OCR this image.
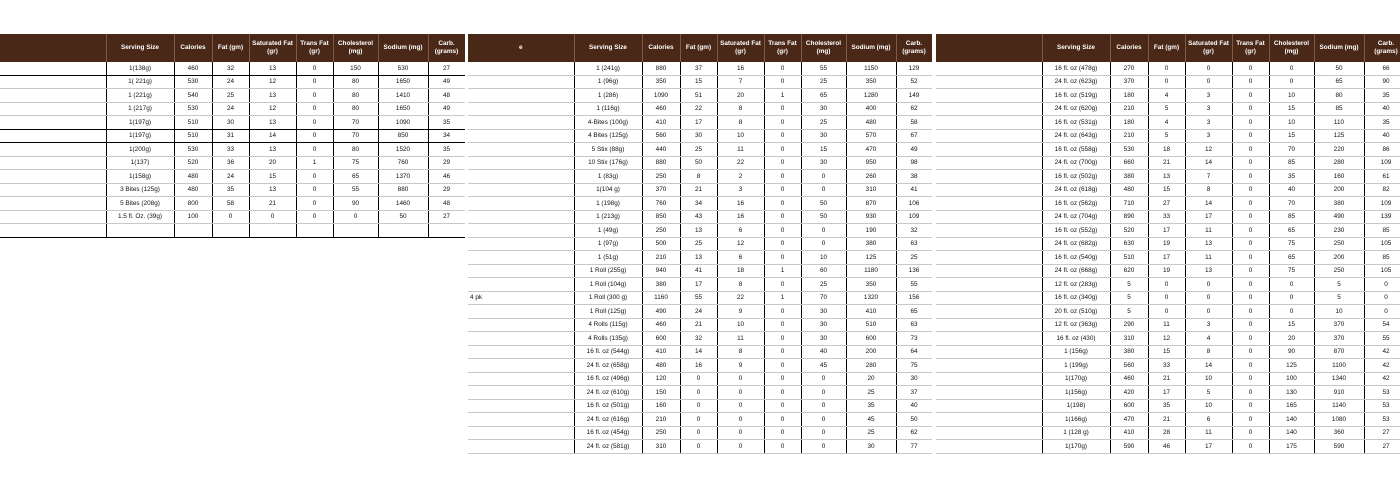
	Serving Size	Calories	Fat (gm)	Saturated Fat (gr)	Trans Fat (gr)	Cholesterol (mg)	Sodium (mg)	Carb. (grams)
	1(138g)	460	32	13	0	150	530	27
	1( 221g)	530	24	12	0	80	1650	49
	1 (221g)	540	25	13	0	80	1410	48
	1 (217g)	530	24	12	0	80	1650	49
	1(197g)	510	30	13	0	70	1090	35
	1(197g)	510	31	14	0	70	850	34
	1(200g)	530	33	13	0	80	1520	35
	1(137)	520	36	20	1	75	760	29
	1(158g)	480	24	15	0	65	1370	46
	3 Bites (125g)	480	35	13	0	55	880	29
	5 Bites (208g)	800	58	21	0	90	1460	48
	1.5 fl. Oz. (39g)	100	0	0	0	0	50	27

e	Serving Size	Calories	Fat (gm)	Saturated Fat (gr)	Trans Fat (gr)	Cholesterol (mg)	Sodium (mg)	Carb. (grams)
	1 (241g)	880	37	16	0	55	1150	129
	1 (96g)	350	15	7	0	25	350	52
	1 (286)	1090	51	20	1	65	1280	149
	1 (116g)	460	22	8	0	30	400	62
	4-Bites (100g)	410	17	8	0	25	480	58
	4 Bites (125g)	560	30	10	0	30	570	67
	5 Stix (88g)	440	25	11	0	15	470	49
	10 Stix (176g)	880	50	22	0	30	950	98
	1 (83g)	250	8	2	0	0	260	38
	1(104 g)	370	21	3	0	0	310	41
	1 (198g)	760	34	16	0	50	870	106
	1 (213g)	850	43	16	0	50	930	109
	1 (49g)	250	13	6	0	0	190	32
	1 (97g)	500	25	12	0	0	380	63
	1 (51g)	210	13	6	0	10	125	25
	1 Roll (255g)	940	41	18	1	60	1180	136
	1 Roll (104g)	380	17	8	0	25	350	55
4 pk	1 Roll (300 g)	1160	55	22	1	70	1320	156
	1 Roll (125g)	490	24	9	0	30	410	65
	4 Rolls (115g)	460	21	10	0	30	510	63
	4 Rolls (135g)	600	32	11	0	30	600	73
	16 fl. oz (544g)	410	14	8	0	40	200	64
	24 fl. oz (658g)	480	16	9	0	45	280	75
	16 fl. oz (496g)	120	0	0	0	0	20	30
	24 fl. oz (610g)	150	0	0	0	0	25	37
	16 fl. oz (501g)	160	0	0	0	0	35	40
	24 fl. oz (616g)	210	0	0	0	0	45	50
	16 fl. oz (454g)	250	0	0	0	0	25	62
	24 fl. oz (581g)	310	0	0	0	0	30	77
	Serving Size	Calories	Fat (gm)	Saturated Fat (gr)	Trans Fat (gr)	Cholesterol (mg)	Sodium (mg)	Carb. (grams)
	16 fl. oz (478g)	270	0	0	0	0	50	66
	24 fl. oz (623g)	370	0	0	0	0	65	90
	16 fl. oz (519g)	180	4	3	0	10	80	35
	24 fl. oz (620g)	210	5	3	0	15	85	40
	16 fl. oz (531g)	180	4	3	0	10	110	35
	24 fl. oz (643g)	210	5	3	0	15	125	40
	16 fl. oz (558g)	530	18	12	0	70	220	86
	24 fl. oz (700g)	660	21	14	0	85	280	109
	16 fl. oz (502g)	380	13	7	0	35	160	61
	24 fl. oz (618g)	480	15	8	0	40	200	82
	16 fl. oz (562g)	710	27	14	0	70	380	109
	24 fl. oz (704g)	890	33	17	0	85	490	139
	16 fl. oz (552g)	520	17	11	0	65	230	85
	24 fl. oz (682g)	630	19	13	0	75	250	105
	16 fl. oz (540g)	510	17	11	0	65	200	85
	24 fl. oz (668g)	620	19	13	0	75	250	105
	12 fl. oz (283g)	5	0	0	0	0	5	0
	16 fl. oz (340g)	5	0	0	0	0	5	0
	20 fl. oz (510g)	5	0	0	0	0	10	0
	12 fl. oz (363g)	290	11	3	0	15	370	54
	16 fl. oz (430)	310	12	4	0	20	370	55
	1 (156g)	380	15	8	0	90	870	42
	1 (199g)	560	33	14	0	125	1100	42
	1(170g)	460	21	10	0	100	1340	42
	1(156g)	420	17	5	0	130	910	53
	1(198)	600	35	10	0	165	1140	53
	1(166g)	470	21	6	0	140	1080	53
	1 (128 g)	410	28	11	0	140	360	27
	1(170g)	590	46	17	0	175	590	27
